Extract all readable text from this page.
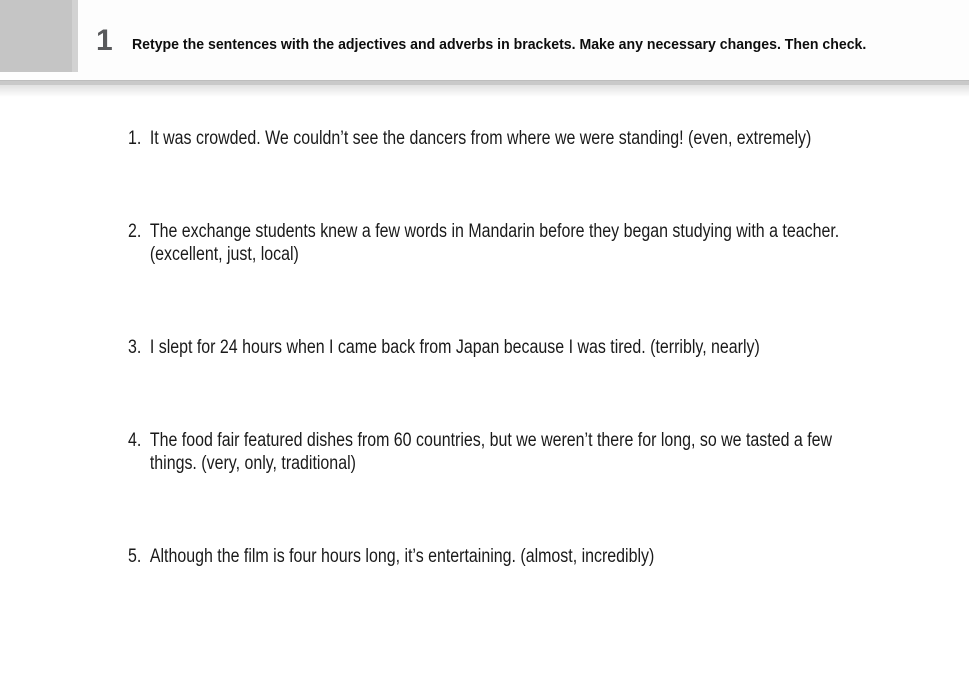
1 Retype the sentences with the adjectives and adverbs in brackets. Make any necessary changes. Then check.
1. It was crowded. We couldn’t see the dancers from where we were standing! (even, extremely)
2. The exchange students knew a few words in Mandarin before they began studying with a teacher.
(excellent, just, local)
3. I slept for 24 hours when I came back from Japan because I was tired. (terribly, nearly)
4. The food fair featured dishes from 60 countries, but we weren’t there for long, so we tasted a few
things. (very, only, traditional)
5. Although the film is four hours long, it’s entertaining. (almost, incredibly)
